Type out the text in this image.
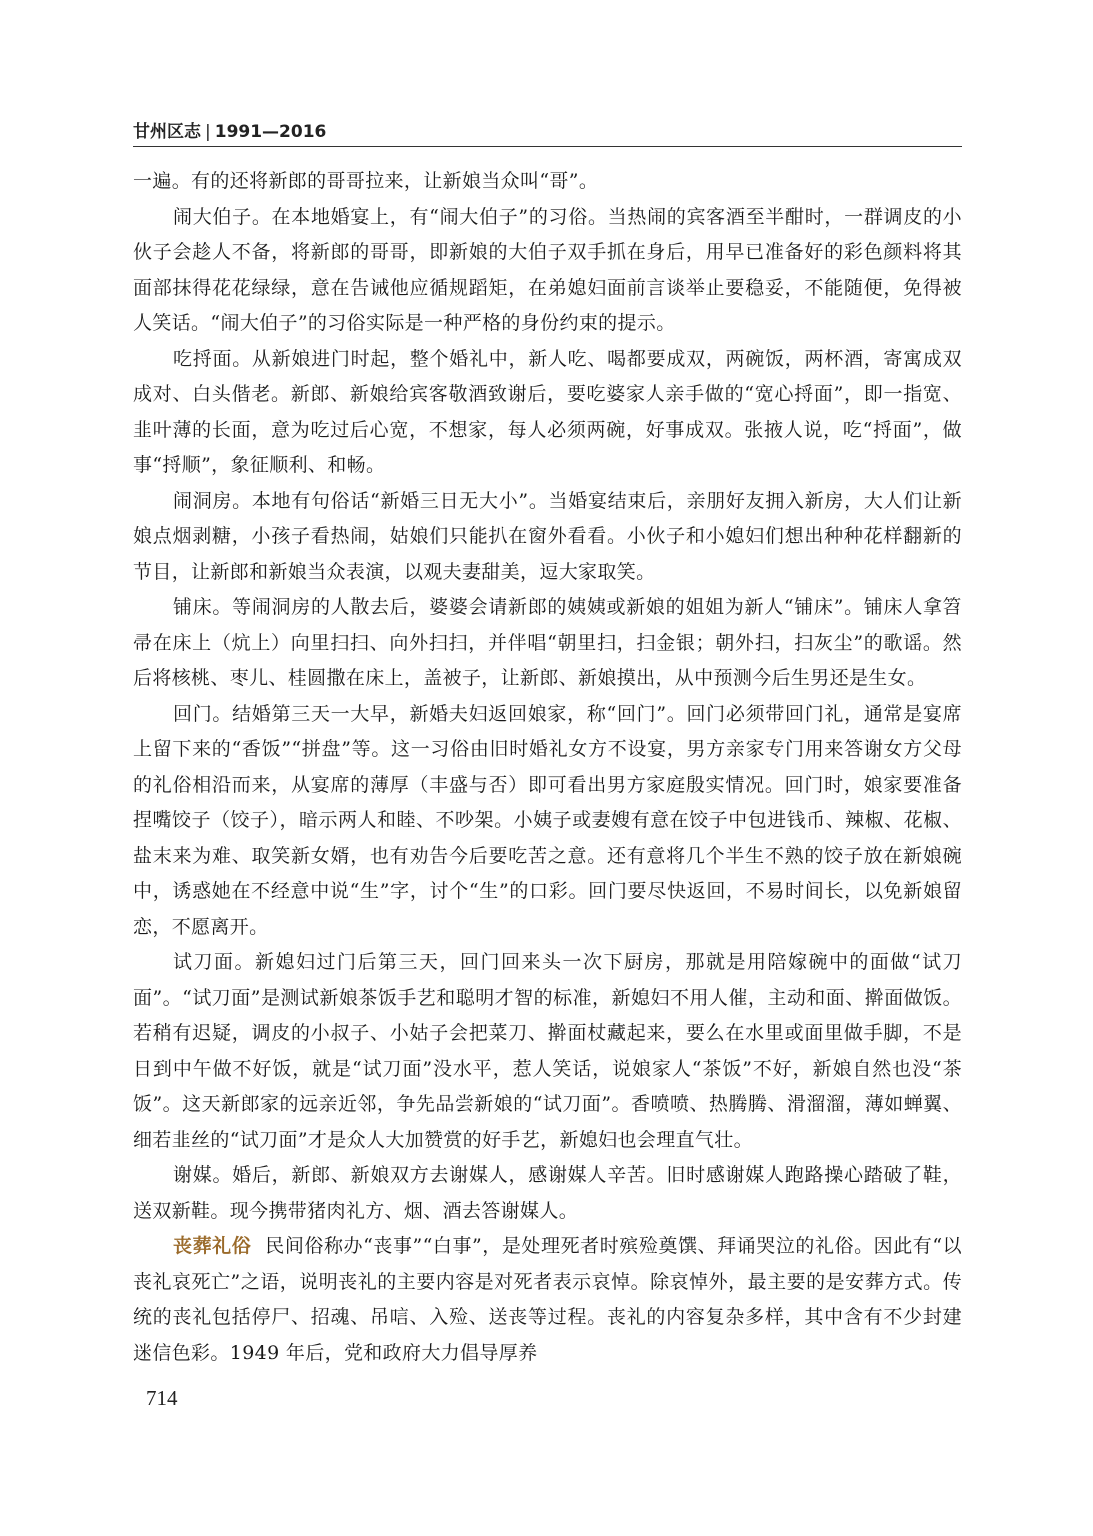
甘州区志 | 1991—2016

一遍。有的还将新郎的哥哥拉来，让新娘当众叫“哥”。

闹大伯子。在本地婚宴上，有“闹大伯子”的习俗。当热闹的宾客酒至半酣时，一群调皮的小伙子会趁人不备，将新郎的哥哥，即新娘的大伯子双手抓在身后，用早已准备好的彩色颜料将其面部抹得花花绿绿，意在告诫他应循规蹈矩，在弟媳妇面前言谈举止要稳妥，不能随便，免得被人笑话。“闹大伯子”的习俗实际是一种严格的身份约束的提示。

吃捋面。从新娘进门时起，整个婚礼中，新人吃、喝都要成双，两碗饭，两杯酒，寄寓成双成对、白头偕老。新郎、新娘给宾客敬酒致谢后，要吃婆家人亲手做的“宽心捋面”，即一指宽、韭叶薄的长面，意为吃过后心宽，不想家，每人必须两碗，好事成双。张掖人说，吃“捋面”，做事“捋顺”，象征顺利、和畅。

闹洞房。本地有句俗话“新婚三日无大小”。当婚宴结束后，亲朋好友拥入新房，大人们让新娘点烟剥糖，小孩子看热闹，姑娘们只能扒在窗外看看。小伙子和小媳妇们想出种种花样翻新的节目，让新郎和新娘当众表演，以观夫妻甜美，逗大家取笑。

铺床。等闹洞房的人散去后，婆婆会请新郎的姨姨或新娘的姐姐为新人“铺床”。铺床人拿笤帚在床上（炕上）向里扫扫、向外扫扫，并伴唱“朝里扫，扫金银；朝外扫，扫灰尘”的歌谣。然后将核桃、枣儿、桂圆撒在床上，盖被子，让新郎、新娘摸出，从中预测今后生男还是生女。

回门。结婚第三天一大早，新婚夫妇返回娘家，称“回门”。回门必须带回门礼，通常是宴席上留下来的“香饭”“拼盘”等。这一习俗由旧时婚礼女方不设宴，男方亲家专门用来答谢女方父母的礼俗相沿而来，从宴席的薄厚（丰盛与否）即可看出男方家庭殷实情况。回门时，娘家要准备捏嘴饺子（饺子），暗示两人和睦、不吵架。小姨子或妻嫂有意在饺子中包进钱币、辣椒、花椒、盐末来为难、取笑新女婿，也有劝告今后要吃苦之意。还有意将几个半生不熟的饺子放在新娘碗中，诱惑她在不经意中说“生”字，讨个“生”的口彩。回门要尽快返回，不易时间长，以免新娘留恋，不愿离开。

试刀面。新媳妇过门后第三天，回门回来头一次下厨房，那就是用陪嫁碗中的面做“试刀面”。“试刀面”是测试新娘茶饭手艺和聪明才智的标准，新媳妇不用人催，主动和面、擀面做饭。若稍有迟疑，调皮的小叔子、小姑子会把菜刀、擀面杖藏起来，要么在水里或面里做手脚，不是日到中午做不好饭，就是“试刀面”没水平，惹人笑话，说娘家人“茶饭”不好，新娘自然也没“茶饭”。这天新郎家的远亲近邻，争先品尝新娘的“试刀面”。香喷喷、热腾腾、滑溜溜，薄如蝉翼、细若韭丝的“试刀面”才是众人大加赞赏的好手艺，新媳妇也会理直气壮。

谢媒。婚后，新郎、新娘双方去谢媒人，感谢媒人辛苦。旧时感谢媒人跑路操心踏破了鞋，送双新鞋。现今携带猪肉礼方、烟、酒去答谢媒人。

丧葬礼俗 民间俗称办“丧事”“白事”，是处理死者时殡殓奠馔、拜诵哭泣的礼俗。因此有“以丧礼哀死亡”之语，说明丧礼的主要内容是对死者表示哀悼。除哀悼外，最主要的是安葬方式。传统的丧礼包括停尸、招魂、吊唁、入殓、送丧等过程。丧礼的内容复杂多样，其中含有不少封建迷信色彩。1949 年后，党和政府大力倡导厚养

714
